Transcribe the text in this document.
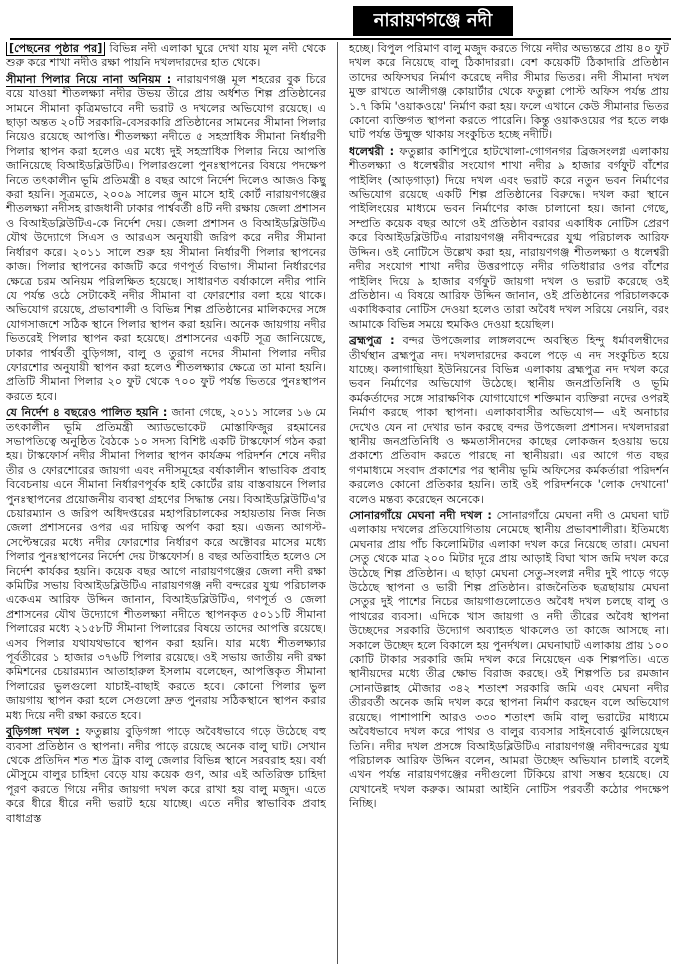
নারায়ণগঞ্জে নদী

[পেছনের পৃষ্ঠার পর] বিভিন্ন নদী এলাকা ঘুরে দেখা যায় মূল নদী থেকে শুরু করে শাখা নদীও রক্ষা পায়নি দখলদারদের হাত থেকে।

সীমানা পিলার নিয়ে নানা অনিয়ম : নারায়ণগঞ্জ মূল শহরের বুক চিরে বয়ে যাওয়া শীতলক্ষ্যা নদীর উভয় তীরে প্রায় অর্ধশত শিল্প প্রতিষ্ঠানের সামনে সীমানা কৃত্রিমভাবে নদী ভরাট ও দখলের অভিযোগ রয়েছে। এ ছাড়া অন্তত ২০টি সরকারি-বেসরকারি প্রতিষ্ঠানের সামনের সীমানা পিলার নিয়েও রয়েছে আপত্তি। শীতলক্ষ্যা নদীতে ৫ সহস্রাধিক সীমানা নির্ধারণী পিলার স্থাপন করা হলেও এর মধ্যে দুই সহস্রাধিক পিলার নিয়ে আপত্তি জানিয়েছে বিআইডব্লিউটিএ। পিলারগুলো পুনঃস্থাপনের বিষয়ে পদক্ষেপ নিতে তৎকালীন ভূমি প্রতিমন্ত্রী ৪ বছর আগে নির্দেশ দিলেও আজও কিছু করা হয়নি। সূত্রমতে, ২০০৯ সালের জুন মাসে হাই কোর্ট নারায়ণগঞ্জের শীতলক্ষ্যা নদীসহ রাজধানী ঢাকার পার্শ্ববর্তী ৪টি নদী রক্ষায় জেলা প্রশাসন ও বিআইডব্লিউটিএ-কে নির্দেশ দেয়। জেলা প্রশাসন ও বিআইডব্লিউটিএ যৌথ উদ্যোগে সিএস ও আরএস অনুযায়ী জরিপ করে নদীর সীমানা নির্ধারণ করে। ২০১১ সালে শুরু হয় সীমানা নির্ধারণী পিলার স্থাপনের কাজ। পিলার স্থাপনের কাজটি করে গণপূর্ত বিভাগ। সীমানা নির্ধারণের ক্ষেত্রে চরম অনিয়ম পরিলক্ষিত হয়েছে। সাধারণত বর্ষাকালে নদীর পানি যে পর্যন্ত ওঠে সেটাকেই নদীর সীমানা বা ফোরশোর বলা হয়ে থাকে। অভিযোগ রয়েছে, প্রভাবশালী ও বিভিন্ন শিল্প প্রতিষ্ঠানের মালিকদের সঙ্গে যোগসাজশে সঠিক স্থানে পিলার স্থাপন করা হয়নি। অনেক জায়গায় নদীর ভিতরেই পিলার স্থাপন করা হয়েছে। প্রশাসনের একটি সূত্র জানিয়েছে, ঢাকার পার্শ্ববর্তী বুড়িগঙ্গা, বালু ও তুরাগ নদের সীমানা পিলার নদীর ফোরশোর অনুযায়ী স্থাপন করা হলেও শীতলক্ষ্যার ক্ষেত্রে তা মানা হয়নি। প্রতিটি সীমানা পিলার ২০ ফুট থেকে ৭০০ ফুট পর্যন্ত ভিতরে পুনঃস্থাপন করতে হবে।

যে নির্দেশ ৪ বছরেও পালিত হয়নি : জানা গেছে, ২০১১ সালের ১৬ মে তৎকালীন ভূমি প্রতিমন্ত্রী অ্যাডভোকেট মোস্তাফিজুর রহমানের সভাপতিত্বে অনুষ্ঠিত বৈঠকে ১০ সদস্য বিশিষ্ট একটি টাস্কফোর্স গঠন করা হয়। টাস্কফোর্স নদীর সীমানা পিলার স্থাপন কার্যক্রম পরিদর্শন শেষে নদীর তীর ও ফোরশোরের জায়গা এবং নদীসমূহের বর্ষাকালীন স্বাভাবিক প্রবাহ বিবেচনায় এনে সীমানা নির্ধারণপূর্বক হাই কোর্টের রায় বাস্তবায়নে পিলার পুনঃস্থাপনের প্রয়োজনীয় ব্যবস্থা গ্রহণের সিদ্ধান্ত নেয়। বিআইডব্লিউটিএ'র চেয়ারম্যান ও জরিপ অধিদপ্তরের মহাপরিচালকের সহায়তায় নিজ নিজ জেলা প্রশাসনের ওপর এর দায়িত্ব অর্পণ করা হয়। এজন্য আগস্ট-সেপ্টেম্বরের মধ্যে নদীর ফোরশোর নির্ধারণ করে অক্টোবর মাসের মধ্যে পিলার পুনঃস্থাপনের নির্দেশ দেয় টাস্কফোর্স। ৪ বছর অতিবাহিত হলেও সে নির্দেশ কার্যকর হয়নি। কয়েক বছর আগে নারায়ণগঞ্জের জেলা নদী রক্ষা কমিটির সভায় বিআইডব্লিউটিএ নারায়ণগঞ্জ নদী বন্দরের যুগ্ম পরিচালক একেএম আরিফ উদ্দিন জানান, বিআইডব্লিউটিএ, গণপূর্ত ও জেলা প্রশাসনের যৌথ উদ্যোগে শীতলক্ষ্যা নদীতে স্থাপনকৃত ৫০১১টি সীমানা পিলারের মধ্যে ২১৫৮টি সীমানা পিলারের বিষয়ে তাদের আপত্তি রয়েছে। এসব পিলার যথাযথভাবে স্থাপন করা হয়নি। যার মধ্যে শীতলক্ষ্যার পূর্বতীরের ১ হাজার ৩৭৬টি পিলার রয়েছে। ওই সভায় জাতীয় নদী রক্ষা কমিশনের চেয়ারম্যান আতাহারুল ইসলাম বলেছেন, আপত্তিকৃত সীমানা পিলারের ভুলগুলো যাচাই-বাছাই করতে হবে। কোনো পিলার ভুল জায়গায় স্থাপন করা হলে সেগুলো দ্রুত পুনরায় সঠিকস্থানে স্থাপন করার মধ্য দিয়ে নদী রক্ষা করতে হবে।

বুড়িগঙ্গা দখল : ফতুল্লায় বুড়িগঙ্গা পাড়ে অবৈধভাবে গড়ে উঠেছে বহু ব্যবসা প্রতিষ্ঠান ও স্থাপনা। নদীর পাড়ে রয়েছে অনেক বালু ঘাট। সেখান থেকে প্রতিদিন শত শত ট্রাক বালু জেলার বিভিন্ন স্থানে সরবরাহ হয়। বর্ষা মৌসুমে বালুর চাহিদা বেড়ে যায় কয়েক গুণ, আর এই অতিরিক্ত চাহিদা পূরণ করতে গিয়ে নদীর জায়গা দখল করে রাখা হয় বালু মজুদ। এতে করে ধীরে ধীরে নদী ভরাট হয়ে যাচ্ছে। এতে নদীর স্বাভাবিক প্রবাহ বাধাগ্রস্ত

হচ্ছে। বিপুল পরিমাণ বালু মজুদ করতে গিয়ে নদীর অভ্যন্তরে প্রায় ৪০ ফুট দখল করে নিয়েছে বালু ঠিকাদাররা। বেশ কয়েকটি ঠিকাদারি প্রতিষ্ঠান তাদের অফিসঘর নির্মাণ করেছে নদীর সীমার ভিতর। নদী সীমানা দখল মুক্ত রাখতে আলীগঞ্জ কোয়ার্টার থেকে ফতুল্লা পোস্ট অফিস পর্যন্ত প্রায় ১.৭ কিমি 'ওয়াকওয়ে' নির্মাণ করা হয়। ফলে এখানে কেউ সীমানার ভিতর কোনো ব্যক্তিগত স্থাপনা করতে পারেনি। কিন্তু ওয়াকওয়ের পর হতে লঞ্চ ঘাট পর্যন্ত উন্মুক্ত থাকায় সংকুচিত হচ্ছে নদীটি।

ধলেশ্বরী : ফতুল্লার কাশিপুরে হাটখোলা-গোগনগর ব্রিজসংলগ্ন এলাকায় শীতলক্ষ্যা ও ধলেশ্বরীর সংযোগ শাখা নদীর ৯ হাজার বর্গফুট বাঁশের পাইলিং (আড়গাড়া) দিয়ে দখল এবং ভরাট করে নতুন ভবন নির্মাণের অভিযোগ রয়েছে একটি শিল্প প্রতিষ্ঠানের বিরুদ্ধে। দখল করা স্থানে পাইলিংয়ের মাধ্যমে ভবন নির্মাণের কাজ চালানো হয়। জানা গেছে, সম্প্রতি কয়েক বছর আগে ওই প্রতিষ্ঠান বরাবর একাধিক নোটিস প্রেরণ করে বিআইডব্লিউটিএ নারায়ণগঞ্জ নদীবন্দরের যুগ্ম পরিচালক আরিফ উদ্দিন। ওই নোটিসে উল্লেখ করা হয়, নারায়ণগঞ্জ শীতলক্ষ্যা ও ধলেশ্বরী নদীর সংযোগ শাখা নদীর উত্তরপাড়ে নদীর গতিধারার ওপর বাঁশের পাইলিং দিয়ে ৯ হাজার বর্গফুট জায়গা দখল ও ভরাট করেছে ওই প্রতিষ্ঠান। এ বিষয়ে আরিফ উদ্দিন জানান, ওই প্রতিষ্ঠানের পরিচালককে একাধিকবার নোটিস দেওয়া হলেও তারা অবৈধ দখল সরিয়ে নেয়নি, বরং আমাকে বিভিন্ন সময়ে হুমকিও দেওয়া হয়েছিল।

ব্রহ্মপুত্র : বন্দর উপজেলার লাঙ্গলবন্দে অবস্থিত হিন্দু ধর্মাবলম্বীদের তীর্থস্থান ব্রহ্মপুত্র নদ। দখলদারদের কবলে পড়ে এ নদ সংকুচিত হয়ে যাচ্ছে। কলাগাছিয়া ইউনিয়নের বিভিন্ন এলাকায় ব্রহ্মপুত্র নদ দখল করে ভবন নির্মাণের অভিযোগ উঠেছে। স্থানীয় জনপ্রতিনিধি ও ভূমি কর্মকর্তাদের সঙ্গে সারাক্ষণিক যোগাযোগে শক্তিমান ব্যক্তিরা নদের ওপরই নির্মাণ করছে পাকা স্থাপনা। এলাকাবাসীর অভিযোগ— এই অনাচার দেখেও যেন না দেখার ভান করছে বন্দর উপজেলা প্রশাসন। দখলদাররা স্থানীয় জনপ্রতিনিধি ও ক্ষমতাসীনদের কাছের লোকজন হওয়ায় ভয়ে প্রকাশ্যে প্রতিবাদ করতে পারছে না স্থানীয়রা। এর আগে গত বছর গণমাধ্যমে সংবাদ প্রকাশের পর স্থানীয় ভূমি অফিসের কর্মকর্তারা পরিদর্শন করলেও কোনো প্রতিকার হয়নি। তাই ওই পরিদর্শনকে 'লোক দেখানো' বলেও মন্তব্য করেছেন অনেকে।

সোনারগাঁয়ে মেঘনা নদী দখল : সোনারগাঁয়ে মেঘনা নদী ও মেঘনা ঘাট এলাকায় দখলের প্রতিযোগিতায় নেমেছে স্থানীয় প্রভাবশালীরা। ইতিমধ্যে মেঘনার প্রায় পাঁচ কিলোমিটার এলাকা দখল করে নিয়েছে তারা। মেঘনা সেতু থেকে মাত্র ২০০ মিটার দূরে প্রায় আড়াই বিঘা খাস জমি দখল করে উঠেছে শিল্প প্রতিষ্ঠান। এ ছাড়া মেঘনা সেতু-সংলগ্ন নদীর দুই পাড়ে গড়ে উঠেছে স্থাপনা ও ভারী শিল্প প্রতিষ্ঠান। রাজনৈতিক ছত্রছায়ায় মেঘনা সেতুর দুই পাশের নিচের জায়গাগুলোতেও অবৈধ দখল চলছে বালু ও পাথরের ব্যবসা। এদিকে খাস জায়গা ও নদী তীরের অবৈধ স্থাপনা উচ্ছেদের সরকারি উদ্যোগ অব্যাহত থাকলেও তা কাজে আসছে না। সকালে উচ্ছেদ হলে বিকালে হয় পুনর্দখল। মেঘনাঘাট এলাকায় প্রায় ১০০ কোটি টাকার সরকারি জমি দখল করে নিয়েছেন এক শিল্পপতি। এতে স্থানীয়দের মধ্যে তীব্র ক্ষোভ বিরাজ করছে। ওই শিল্পপতি চর রমজান সোনাউল্লাহ মৌজার ৩৪২ শতাংশ সরকারি জমি এবং মেঘনা নদীর তীরবর্তী অনেক জমি দখল করে স্থাপনা নির্মাণ করছেন বলে অভিযোগ রয়েছে। পাশাপাশি আরও ৩৩০ শতাংশ জমি বালু ভরাটের মাধ্যমে অবৈধভাবে দখল করে পাথর ও বালুর ব্যবসার সাইনবোর্ড ঝুলিয়েছেন তিনি। নদীর দখল প্রসঙ্গে বিআইডব্লিউটিএ নারায়ণগঞ্জ নদীবন্দরের যুগ্ম পরিচালক আরিফ উদ্দিন বলেন, আমরা উচ্ছেদ অভিযান চালাই বলেই এখন পর্যন্ত নারায়ণগঞ্জের নদীগুলো টিকিয়ে রাখা সম্ভব হয়েছে। যে যেখানেই দখল করুক। আমরা আইনি নোটিস পরবর্তী কঠোর পদক্ষেপ নিচ্ছি।
